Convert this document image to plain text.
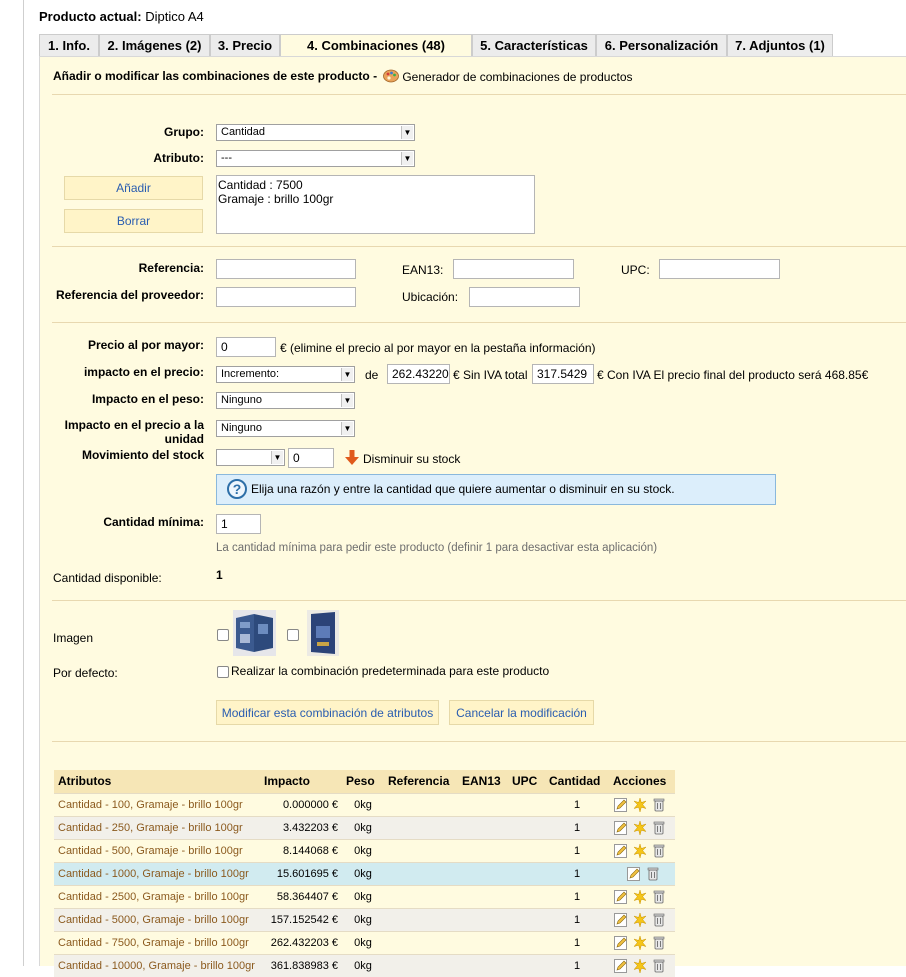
Producto actual: Diptico A4
1. Info.	2. Imágenes (2)	3. Precio	4. Combinaciones (48)	5. Características	6. Personalización	7. Adjuntos (1)
Añadir o modificar las combinaciones de este producto -	Generador de combinaciones de productos
Grupo:	Cantidad	▼
Atributo:	---	▼
Añadir
Borrar
Cantidad : 7500
Gramaje : brillo 100gr
Referencia:	EAN13:	UPC:
Referencia del proveedor:	Ubicación:
Precio al por mayor:	0	€ (elimine el precio al por mayor en la pestaña información)
impacto en el precio:	Incremento:	▼ de	262.43220 € Sin IVA total 317.5429 € Con IVA El precio final del producto será 468.85€
Impacto en el peso:	Ninguno	▼
Impacto en el precio a la unidad
Ninguno	▼
Movimiento del stock	▼ 0	Disminuir su stock
? Elija una razón y entre la cantidad que quiere aumentar o disminuir en su stock.
Cantidad mínima:	1
La cantidad mínima para pedir este producto (definir 1 para desactivar esta aplicación)
Cantidad disponible:	1
Imagen
Por defecto:	Realizar la combinación predeterminada para este producto
Modificar esta combinación de atributos	Cancelar la modificación
Atributos	Impacto	Peso	Referencia	EAN13	UPC	Cantidad	Acciones
Cantidad - 100, Gramaje - brillo 100gr	0.000000 €	0kg				1	
Cantidad - 250, Gramaje - brillo 100gr	3.432203 €	0kg				1	
Cantidad - 500, Gramaje - brillo 100gr	8.144068 €	0kg				1	
Cantidad - 1000, Gramaje - brillo 100gr	15.601695 €	0kg				1	
Cantidad - 2500, Gramaje - brillo 100gr	58.364407 €	0kg				1	
Cantidad - 5000, Gramaje - brillo 100gr	157.152542 €	0kg				1	
Cantidad - 7500, Gramaje - brillo 100gr	262.432203 €	0kg				1	
Cantidad - 10000, Gramaje - brillo 100gr	361.838983 €	0kg				1	
